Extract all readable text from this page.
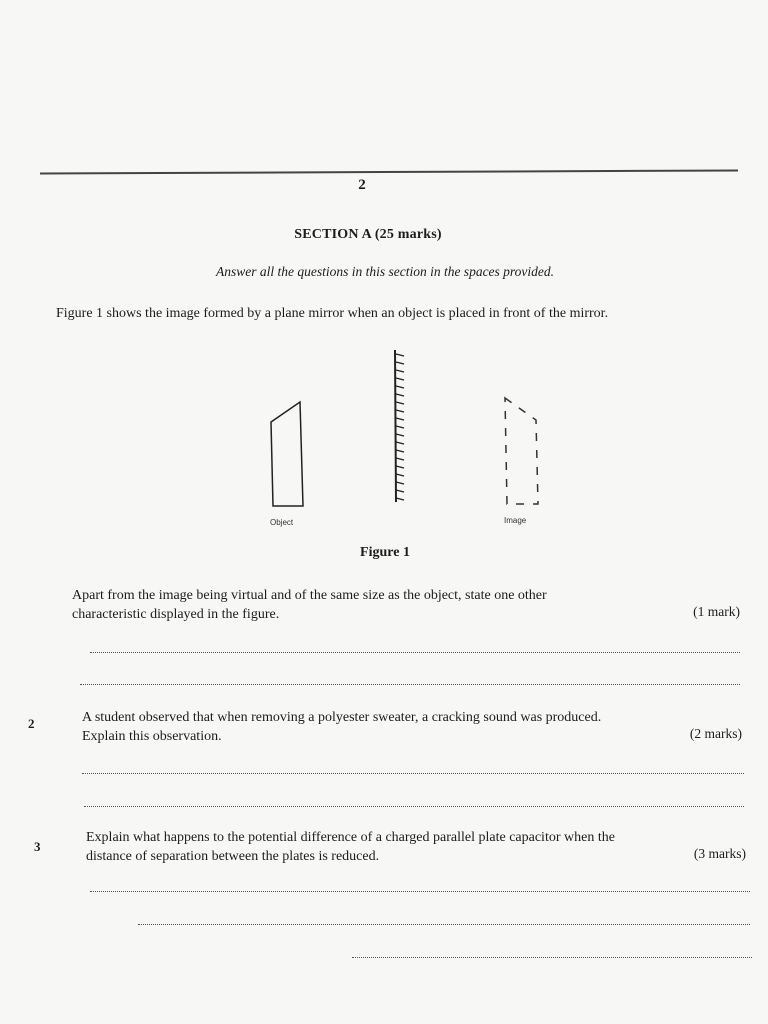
2
SECTION A (25 marks)
Answer all the questions in this section in the spaces provided.
Figure 1 shows the image formed by a plane mirror when an object is placed in front of the mirror.
Object	Image
Figure 1
Apart from the image being virtual and of the same size as the object, state one other
characteristic displayed in the figure.	(1 mark)
2	A student observed that when removing a polyester sweater, a cracking sound was produced.
Explain this observation.	(2 marks)
3
Explain what happens to the potential difference of a charged parallel plate capacitor when the
distance of separation between the plates is reduced.	(3 marks)
